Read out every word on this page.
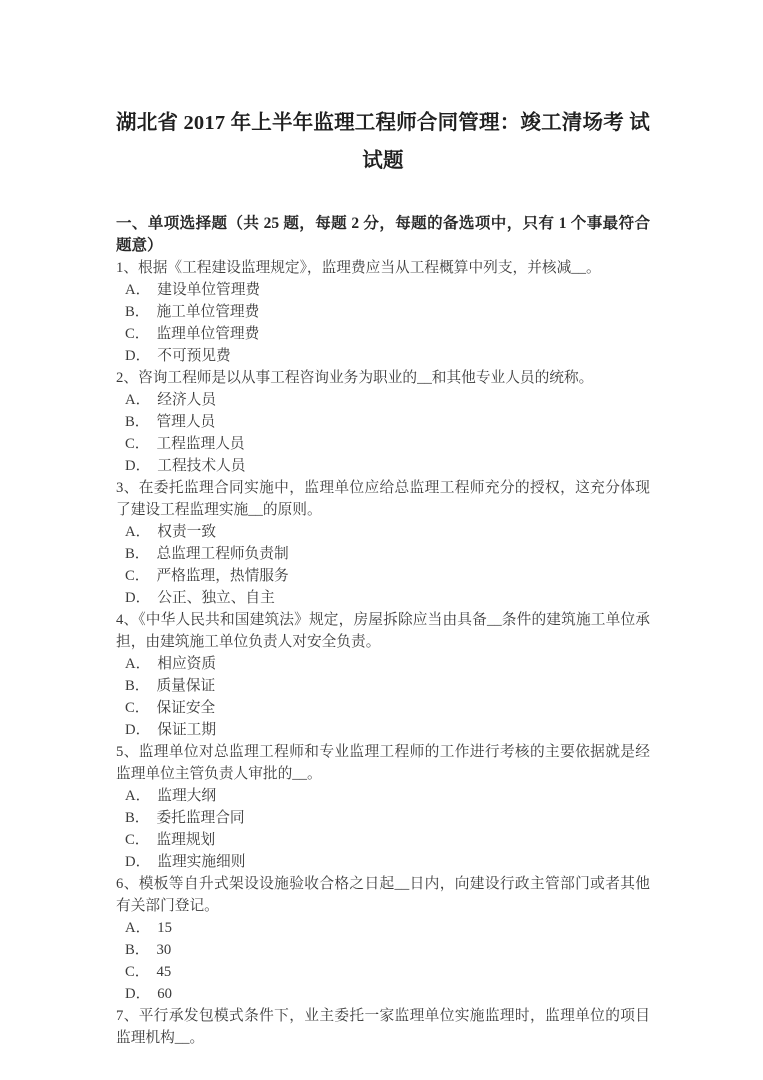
湖北省 2017 年上半年监理工程师合同管理：竣工清场考 试试题

一、单项选择题（共 25 题，每题 2 分，每题的备选项中，只有 1 个事最符合题意）

1、根据《工程建设监理规定》，监理费应当从工程概算中列支，并核减__。

A． 建设单位管理费
B． 施工单位管理费
C． 监理单位管理费
D． 不可预见费

2、咨询工程师是以从事工程咨询业务为职业的__和其他专业人员的统称。

A． 经济人员
B． 管理人员
C． 工程监理人员
D． 工程技术人员

3、在委托监理合同实施中，监理单位应给总监理工程师充分的授权，这充分体现了建设工程监理实施__的原则。

A． 权责一致
B． 总监理工程师负责制
C． 严格监理，热情服务
D． 公正、独立、自主

4、《中华人民共和国建筑法》规定，房屋拆除应当由具备__条件的建筑施工单位承担，由建筑施工单位负责人对安全负责。

A． 相应资质
B． 质量保证
C． 保证安全
D． 保证工期

5、监理单位对总监理工程师和专业监理工程师的工作进行考核的主要依据就是经监理单位主管负责人审批的__。

A． 监理大纲
B． 委托监理合同
C． 监理规划
D． 监理实施细则

6、模板等自升式架设设施验收合格之日起__日内，向建设行政主管部门或者其他有关部门登记。

A． 15
B． 30
C． 45
D． 60

7、平行承发包模式条件下，业主委托一家监理单位实施监理时，监理单位的项目监理机构__。
